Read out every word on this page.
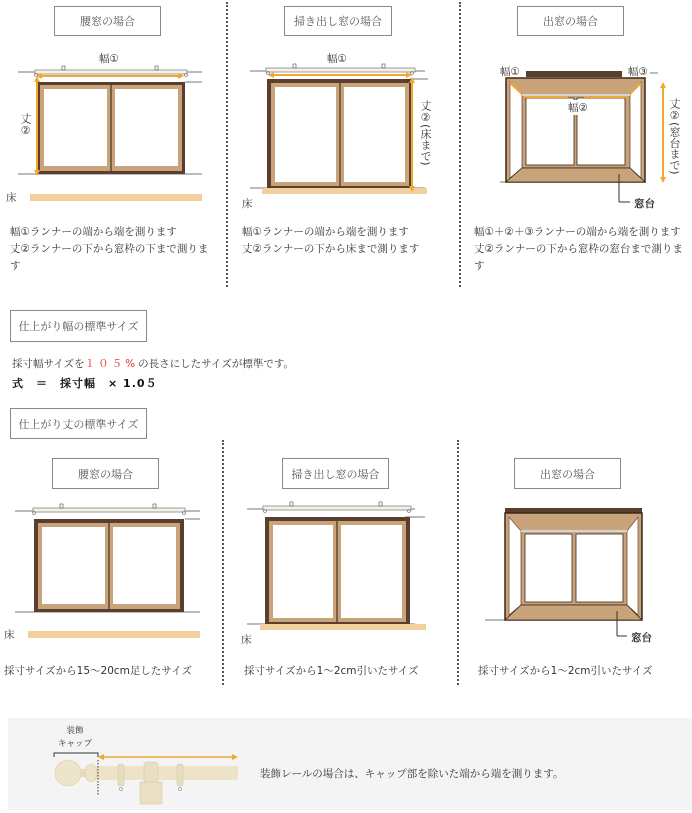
腰窓の場合
幅①
丈②
床
幅①ランナーの端から端を測ります
丈②ランナーの下から窓枠の下まで測りま
す
掃き出し窓の場合
幅①
丈②(床まで)
床
幅①ランナーの端から端を測ります
丈②ランナーの下から床まで測ります
出窓の場合
幅①	幅③
幅②	丈②(窓台まで)
窓台
幅①＋②＋③ランナーの端から端を測ります
丈②ランナーの下から窓枠の窓台まで測りま
す
仕上がり幅の標準サイズ
採寸幅サイズを１０５%の長さにしたサイズが標準です。
式　＝　採寸幅　× 1.0５
仕上がり丈の標準サイズ
腰窓の場合
床
採寸サイズから15〜20cm足したサイズ
掃き出し窓の場合
床
採寸サイズから1〜2cm引いたサイズ
出窓の場合
窓台
採寸サイズから1〜2cm引いたサイズ
装飾
キャップ
装飾レールの場合は、キャップ部を除いた端から端を測ります。
